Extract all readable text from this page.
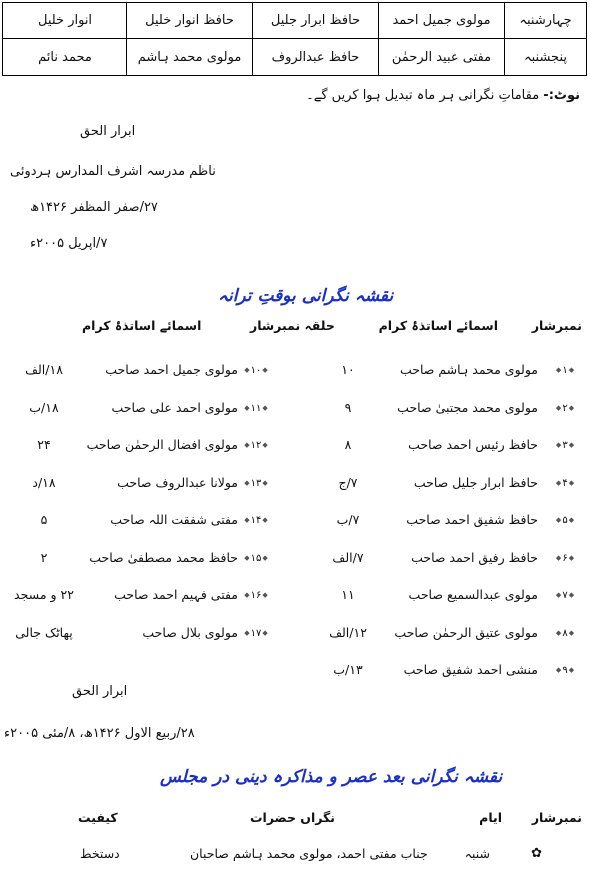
چہارشنبہ
مولوی جمیل احمد
حافظ ابرار جلیل
حافظ انوار خلیل
انوار خلیل
پنجشنبہ
مفتی عبید الرحمٰن
حافظ عبدالروف
مولوی محمد ہاشم
محمد نائم
نوٹ:- مقاماتِ نگرانی ہر ماہ تبدیل ہوا کریں گے۔
ابرار الحق
ناظم مدرسہ اشرف المدارس ہردوئی
۲۷/صفر المظفر ۱۴۲۶ھ
۷/اپریل ۲۰۰۵ء
نقشہ نگرانی بوقتِ ترانہ
نمبرشار
اسمائے اساتذۂ کرام
حلقہ نمبرشار
اسمائے اساتذۂ کرام
◆ ۱
◆
مولوی محمد ہاشم صاحب
۱۰
◆ ۲
◆
مولوی محمد مجتبیٰ صاحب
۹
◆ ۳
◆
حافظ رئیس احمد صاحب
۸
◆ ۴
◆
حافظ ابرار جلیل صاحب
۷/ج
◆ ۵
◆
حافظ شفیق احمد صاحب
۷/ب
◆ ۶
◆
حافظ رفیق احمد صاحب
۷/الف
◆ ۷
◆
مولوی عبدالسمیع صاحب
۱۱
◆ ۸
◆
مولوی عتیق الرحمٰن صاحب
۱۲/الف
◆ ۹
◆
منشی احمد شفیق صاحب
۱۳/ب
◆ ۱۰
◆
مولوی جمیل احمد صاحب
۱۸/الف
◆ ۱۱
◆
مولوی احمد علی صاحب
۱۸/ب
◆ ۱۲
◆
مولوی افضال الرحمٰن صاحب
۲۴
◆ ۱۳
◆
مولانا عبدالروف صاحب
۱۸/د
◆ ۱۴
◆
مفتی شفقت اللہ صاحب
۵
◆ ۱۵
◆
حافظ محمد مصطفیٰ صاحب
۲
◆ ۱۶
◆
مفتی فہیم احمد صاحب
۲۲ و مسجد
◆ ۱۷
◆
مولوی بلال صاحب
پھاٹک جالی
ابرار الحق
۲۸/ربیع الاول ۱۴۲۶ھ، ۸/مئی ۲۰۰۵ء
نقشہ نگرانی بعد عصر و مذاکرہ دینی در مجلس
نمبرشار
ایام
نگراں حضرات
کیفیت
✿
شنبہ
جناب مفتی احمد، مولوی محمد ہاشم صاحبان
دستخط
